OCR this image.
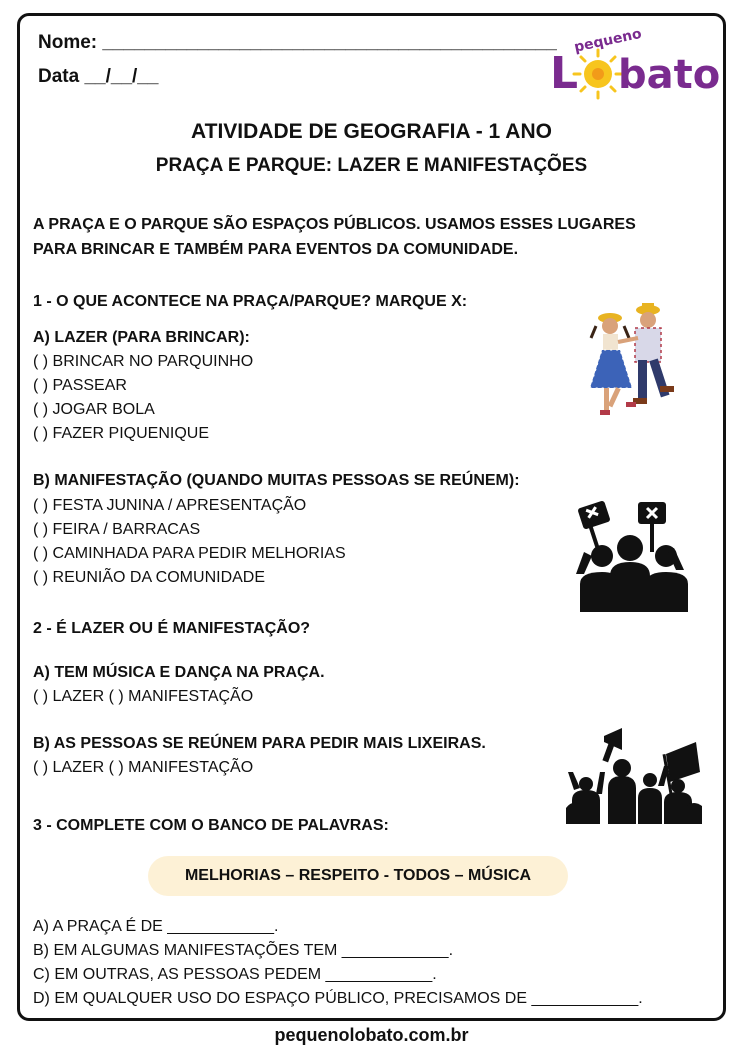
Nome: ___________________________________________
Data __/__/__
pequeno
L bato
ATIVIDADE DE GEOGRAFIA - 1 ANO
PRAÇA E PARQUE: LAZER E MANIFESTAÇÕES
A PRAÇA E O PARQUE SÃO ESPAÇOS PÚBLICOS. USAMOS ESSES LUGARES
PARA BRINCAR E TAMBÉM PARA EVENTOS DA COMUNIDADE.
1 - O QUE ACONTECE NA PRAÇA/PARQUE? MARQUE X:
A) LAZER (PARA BRINCAR):
( ) BRINCAR NO PARQUINHO
( ) PASSEAR
( ) JOGAR BOLA
( ) FAZER PIQUENIQUE
B) MANIFESTAÇÃO (QUANDO MUITAS PESSOAS SE REÚNEM):
( ) FESTA JUNINA / APRESENTAÇÃO
( ) FEIRA / BARRACAS
( ) CAMINHADA PARA PEDIR MELHORIAS
( ) REUNIÃO DA COMUNIDADE
2 - É LAZER OU É MANIFESTAÇÃO?
A) TEM MÚSICA E DANÇA NA PRAÇA.
( ) LAZER ( ) MANIFESTAÇÃO
B) AS PESSOAS SE REÚNEM PARA PEDIR MAIS LIXEIRAS.
( ) LAZER ( ) MANIFESTAÇÃO
3 - COMPLETE COM O BANCO DE PALAVRAS:
MELHORIAS – RESPEITO - TODOS – MÚSICA
A) A PRAÇA É DE ____________.
B) EM ALGUMAS MANIFESTAÇÕES TEM ____________.
C) EM OUTRAS, AS PESSOAS PEDEM ____________.
D) EM QUALQUER USO DO ESPAÇO PÚBLICO, PRECISAMOS DE ____________.
pequenolobato.com.br
